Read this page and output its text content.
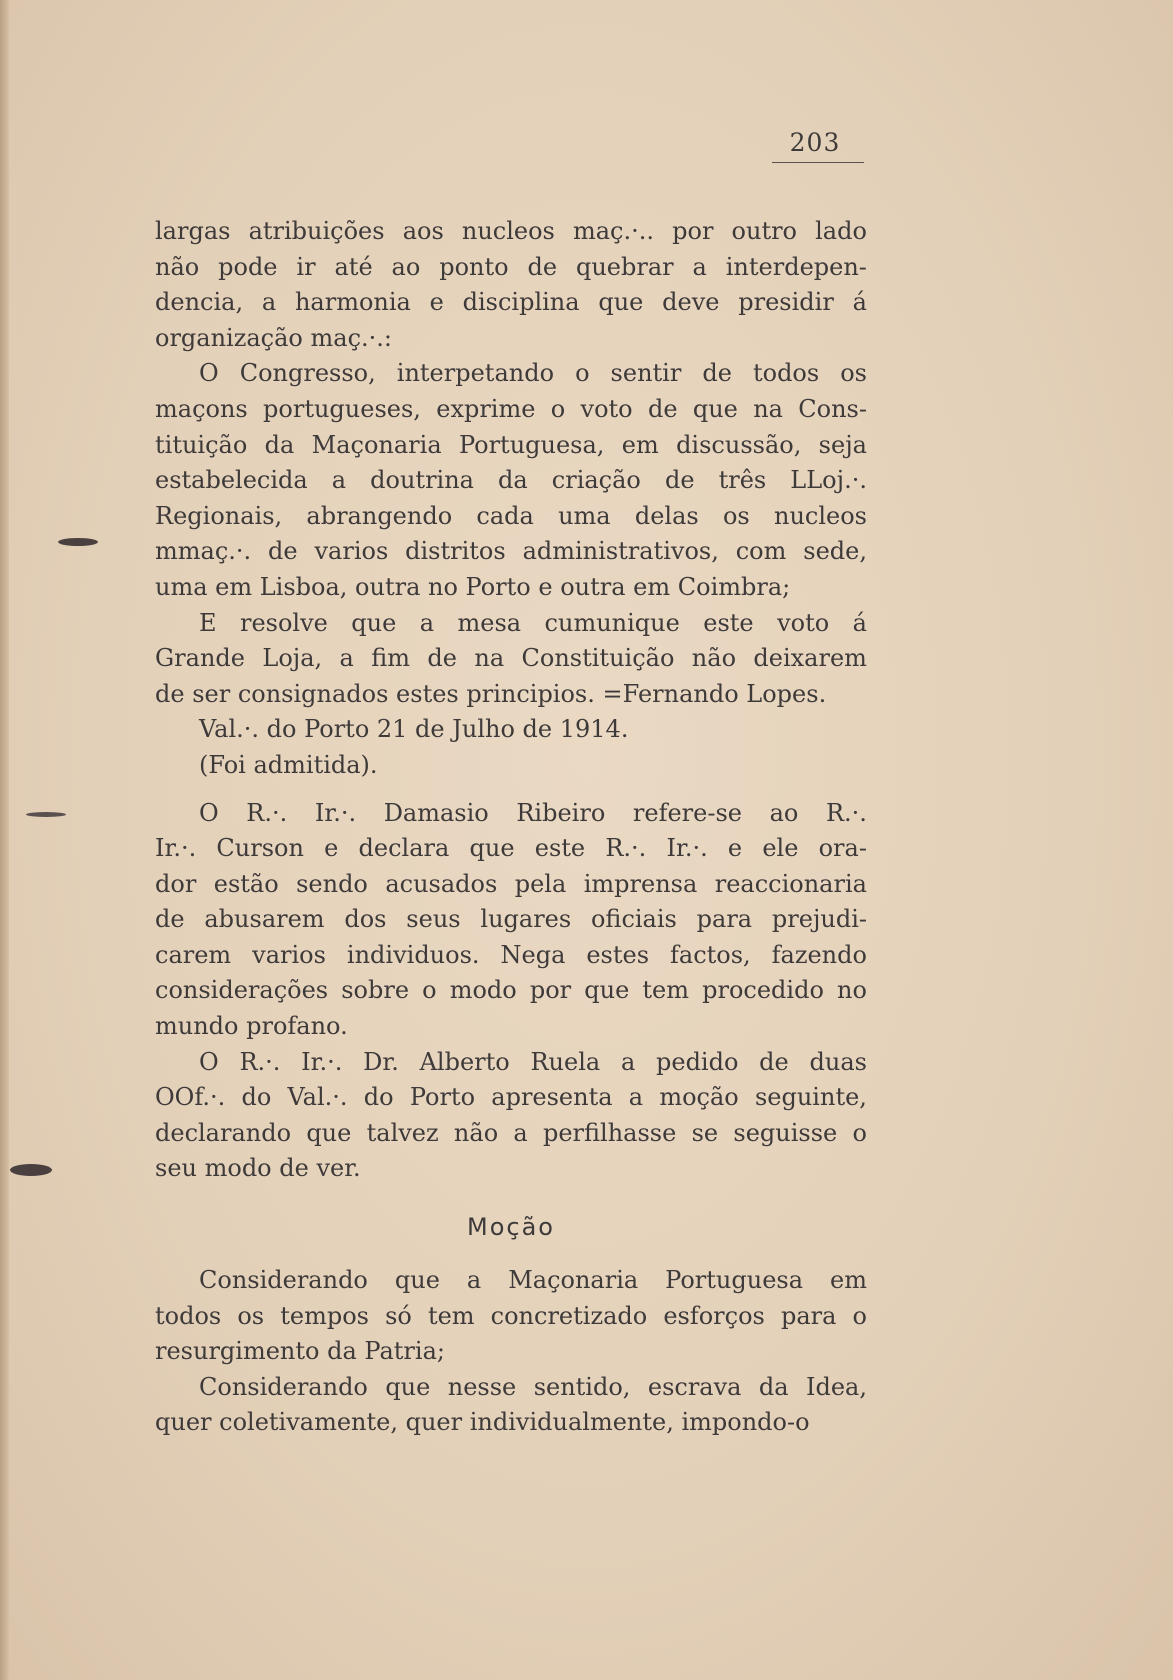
203
largas atribuições aos nucleos maç.·.. por outro lado
não pode ir até ao ponto de quebrar a interdepen-
dencia, a harmonia e disciplina que deve presidir á
organização maç.·.:
O Congresso, interpetando o sentir de todos os
maçons portugueses, exprime o voto de que na Cons-
tituição da Maçonaria Portuguesa, em discussão, seja
estabelecida a doutrina da criação de três LLoj.·.
Regionais, abrangendo cada uma delas os nucleos
mmaç.·. de varios distritos administrativos, com sede,
uma em Lisboa, outra no Porto e outra em Coimbra;
E resolve que a mesa cumunique este voto á
Grande Loja, a fim de na Constituição não deixarem
de ser consignados estes principios. =Fernando Lopes.
Val.·. do Porto 21 de Julho de 1914.
(Foi admitida).
O R.·. Ir.·. Damasio Ribeiro refere-se ao R.·.
Ir.·. Curson e declara que este R.·. Ir.·. e ele ora-
dor estão sendo acusados pela imprensa reaccionaria
de abusarem dos seus lugares oficiais para prejudi-
carem varios individuos. Nega estes factos, fazendo
considerações sobre o modo por que tem procedido no
mundo profano.
O R.·. Ir.·. Dr. Alberto Ruela a pedido de duas
OOf.·. do Val.·. do Porto apresenta a moção seguinte,
declarando que talvez não a perfilhasse se seguisse o
seu modo de ver.
Moção
Considerando que a Maçonaria Portuguesa em
todos os tempos só tem concretizado esforços para o
resurgimento da Patria;
Considerando que nesse sentido, escrava da Idea,
quer coletivamente, quer individualmente, impondo-o
